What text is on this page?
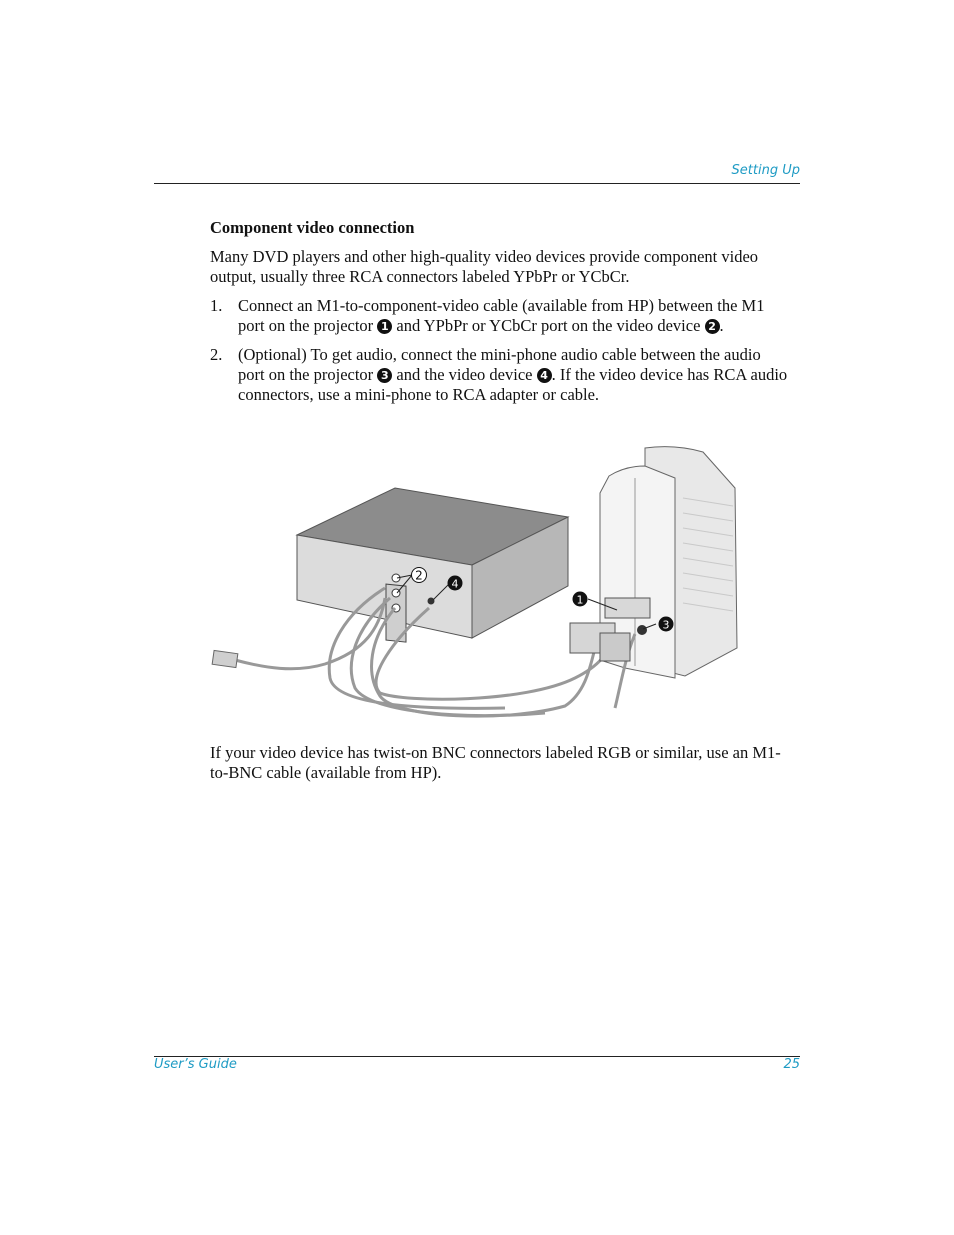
Setting Up

Component video connection

Many DVD players and other high-quality video devices provide component video output, usually three RCA connectors labeled YPbPr or YCbCr.

1. Connect an M1-to-component-video cable (available from HP) between the M1 port on the projector 1 and YPbPr or YCbCr port on the video device 2 .
2. (Optional) To get audio, connect the mini-phone audio cable between the audio port on the projector 3 and the video device 4 . If the video device has RCA audio connectors, use a mini-phone to RCA adapter or cable.
2
4
1
3
If your video device has twist-on BNC connectors labeled RGB or similar, use an M1-to-BNC cable (available from HP).
User’s Guide	25
